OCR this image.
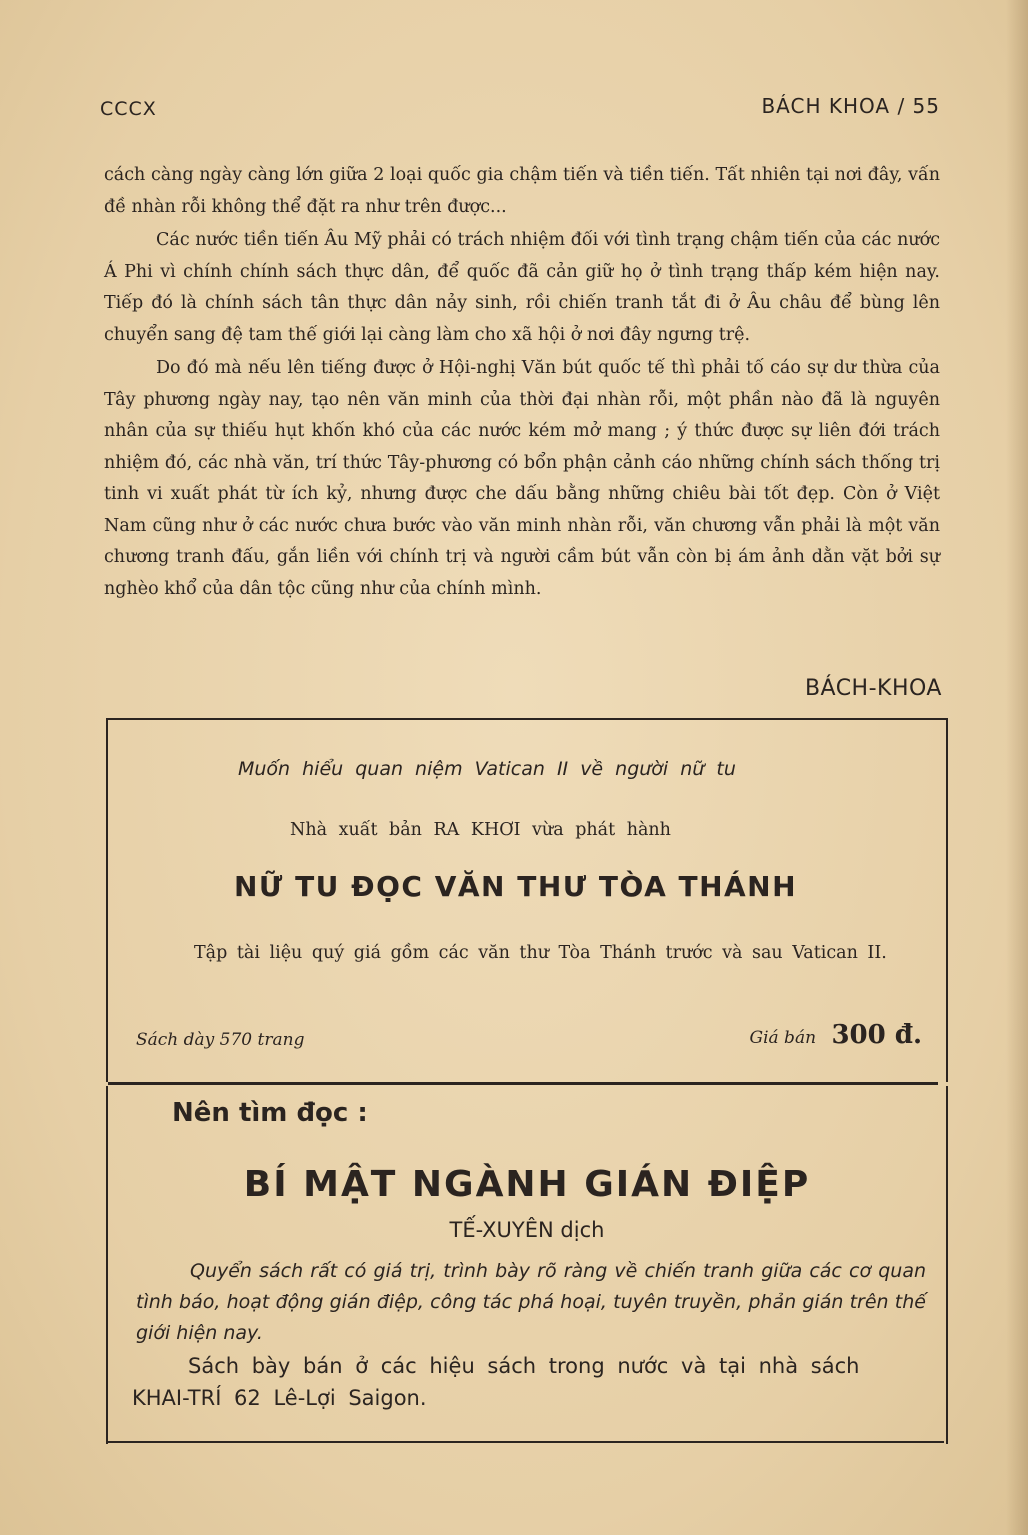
CCCX	BÁCH KHOA / 55

cách càng ngày càng lớn giữa 2 loại quốc gia chậm tiến và tiền tiến. Tất nhiên tại nơi đây, vấn đề nhàn rỗi không thể đặt ra như trên được...

Các nước tiền tiến Âu Mỹ phải có trách nhiệm đối với tình trạng chậm tiến của các nước Á Phi vì chính chính sách thực dân, để quốc đã cản giữ họ ở tình trạng thấp kém hiện nay. Tiếp đó là chính sách tân thực dân nảy sinh, rồi chiến tranh tắt đi ở Âu châu để bùng lên chuyển sang đệ tam thế giới lại càng làm cho xã hội ở nơi đây ngưng trệ.

Do đó mà nếu lên tiếng được ở Hội-nghị Văn bút quốc tế thì phải tố cáo sự dư thừa của Tây phương ngày nay, tạo nên văn minh của thời đại nhàn rỗi, một phần nào đã là nguyên nhân của sự thiếu hụt khốn khó của các nước kém mở mang ; ý thức được sự liên đới trách nhiệm đó, các nhà văn, trí thức Tây-phương có bổn phận cảnh cáo những chính sách thống trị tinh vi xuất phát từ ích kỷ, nhưng được che dấu bằng những chiêu bài tốt đẹp. Còn ở Việt Nam cũng như ở các nước chưa bước vào văn minh nhàn rỗi, văn chương vẫn phải là một văn chương tranh đấu, gắn liền với chính trị và người cầm bút vẫn còn bị ám ảnh dằn vặt bởi sự nghèo khổ của dân tộc cũng như của chính mình.

BÁCH-KHOA
Muốn hiểu quan niệm Vatican II về người nữ tu
Nhà xuất bản RA KHƠI vừa phát hành
NỮ TU ĐỌC VĂN THƯ TÒA THÁNH
Tập tài liệu quý giá gồm các văn thư Tòa Thánh trước và sau Vatican II.
Sách dày 570 trang	Giá bán 300 đ.
Nên tìm đọc :
BÍ MẬT NGÀNH GIÁN ĐIỆP
TẾ-XUYÊN dịch
Quyển sách rất có giá trị, trình bày rõ ràng về chiến tranh giữa các cơ quan tình báo, hoạt động gián điệp, công tác phá hoại, tuyên truyền, phản gián trên thế giới hiện nay.
Sách bày bán ở các hiệu sách trong nước và tại nhà sách KHAI-TRÍ 62 Lê-Lợi Saigon.
